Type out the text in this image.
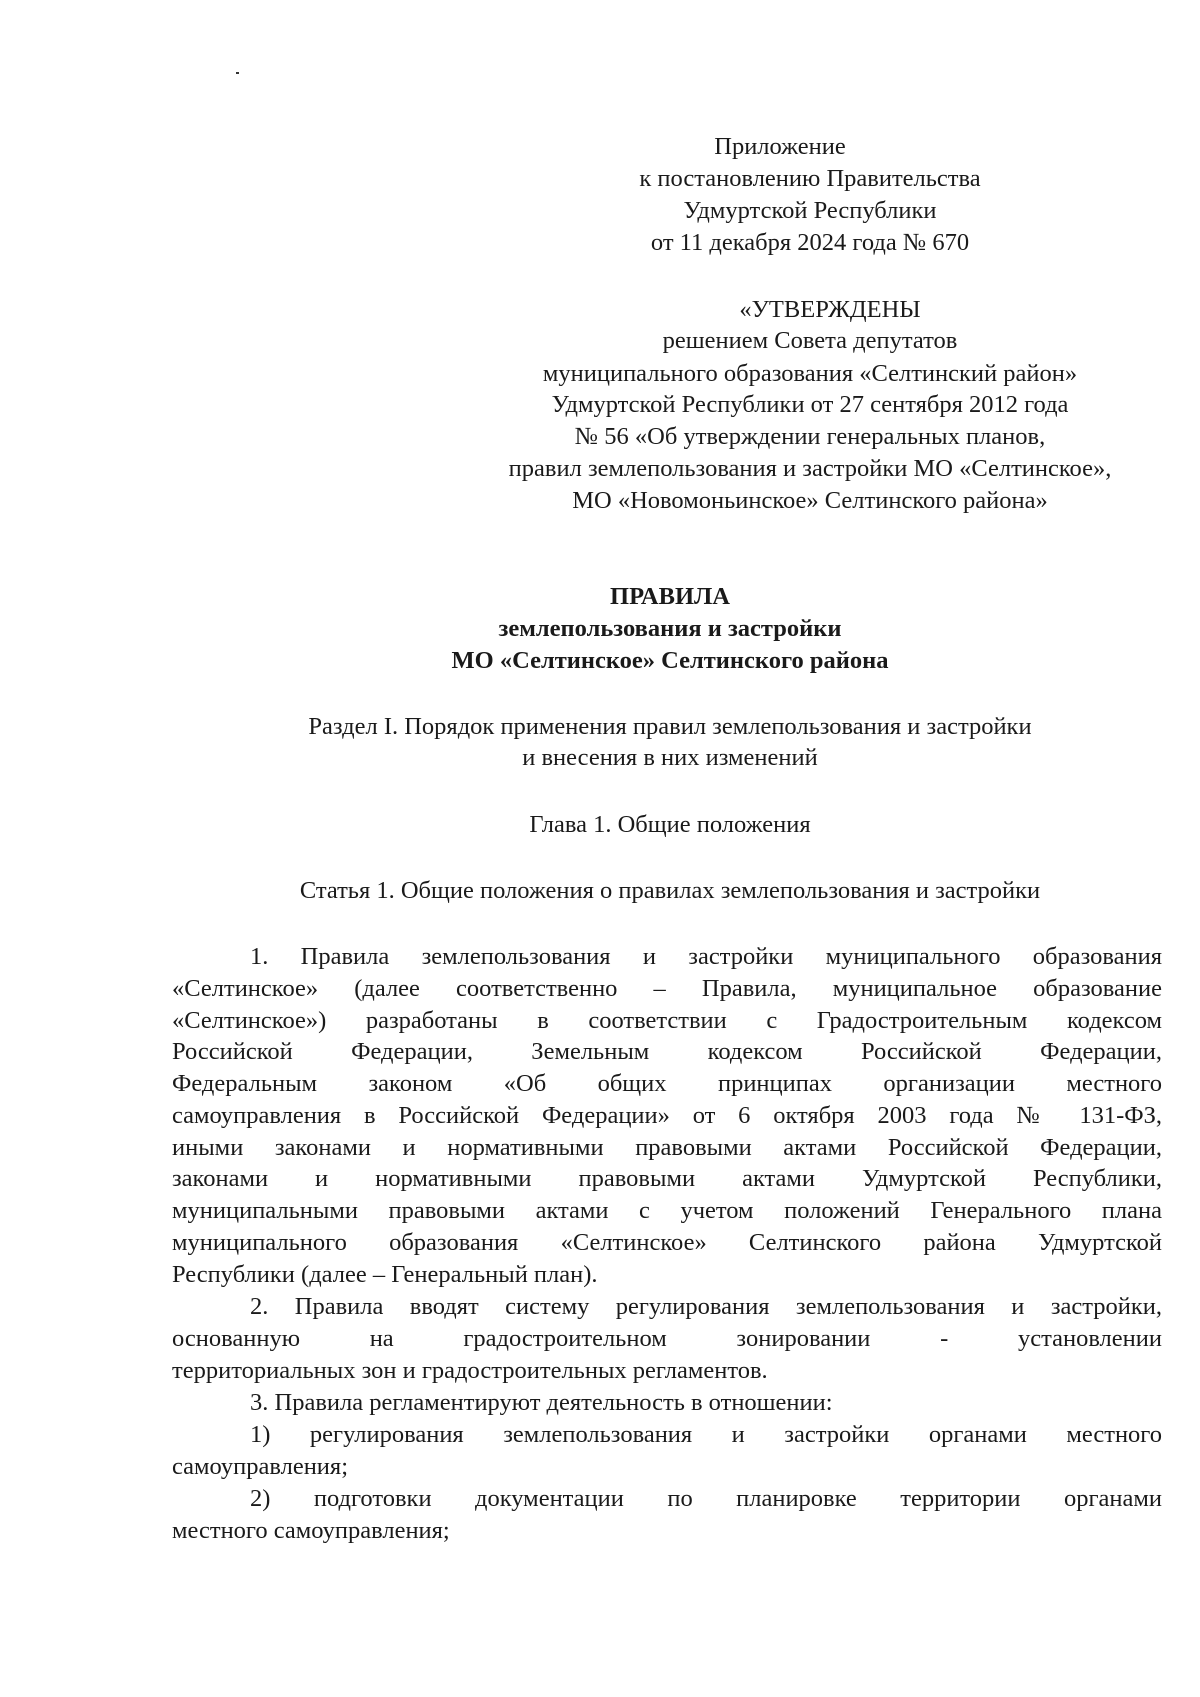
Приложение
к постановлению Правительства
Удмуртской Республики
от 11 декабря 2024 года № 670
«УТВЕРЖДЕНЫ
решением Совета депутатов
муниципального образования «Селтинский район»
Удмуртской Республики от 27 сентября 2012 года
№ 56 «Об утверждении генеральных планов,
правил землепользования и застройки МО «Селтинское»,
МО «Новомоньинское» Селтинского района»
ПРАВИЛА
землепользования и застройки
МО «Селтинское» Селтинского района
Раздел I. Порядок применения правил землепользования и застройки
и внесения в них изменений
Глава 1. Общие положения
Статья 1. Общие положения о правилах землепользования и застройки
1. Правила землепользования и застройки муниципального образования
«Селтинское» (далее соответственно – Правила, муниципальное образование
«Селтинское») разработаны в соответствии с Градостроительным кодексом
Российской Федерации, Земельным кодексом Российской Федерации,
Федеральным законом «Об общих принципах организации местного
самоуправления в Российской Федерации» от 6 октября 2003 года № 131-ФЗ,
иными законами и нормативными правовыми актами Российской Федерации,
законами и нормативными правовыми актами Удмуртской Республики,
муниципальными правовыми актами с учетом положений Генерального плана
муниципального образования «Селтинское» Селтинского района Удмуртской
Республики (далее – Генеральный план).
2. Правила вводят систему регулирования землепользования и застройки,
основанную на градостроительном зонировании - установлении
территориальных зон и градостроительных регламентов.
3. Правила регламентируют деятельность в отношении:
1) регулирования землепользования и застройки органами местного
самоуправления;
2) подготовки документации по планировке территории органами
местного самоуправления;
